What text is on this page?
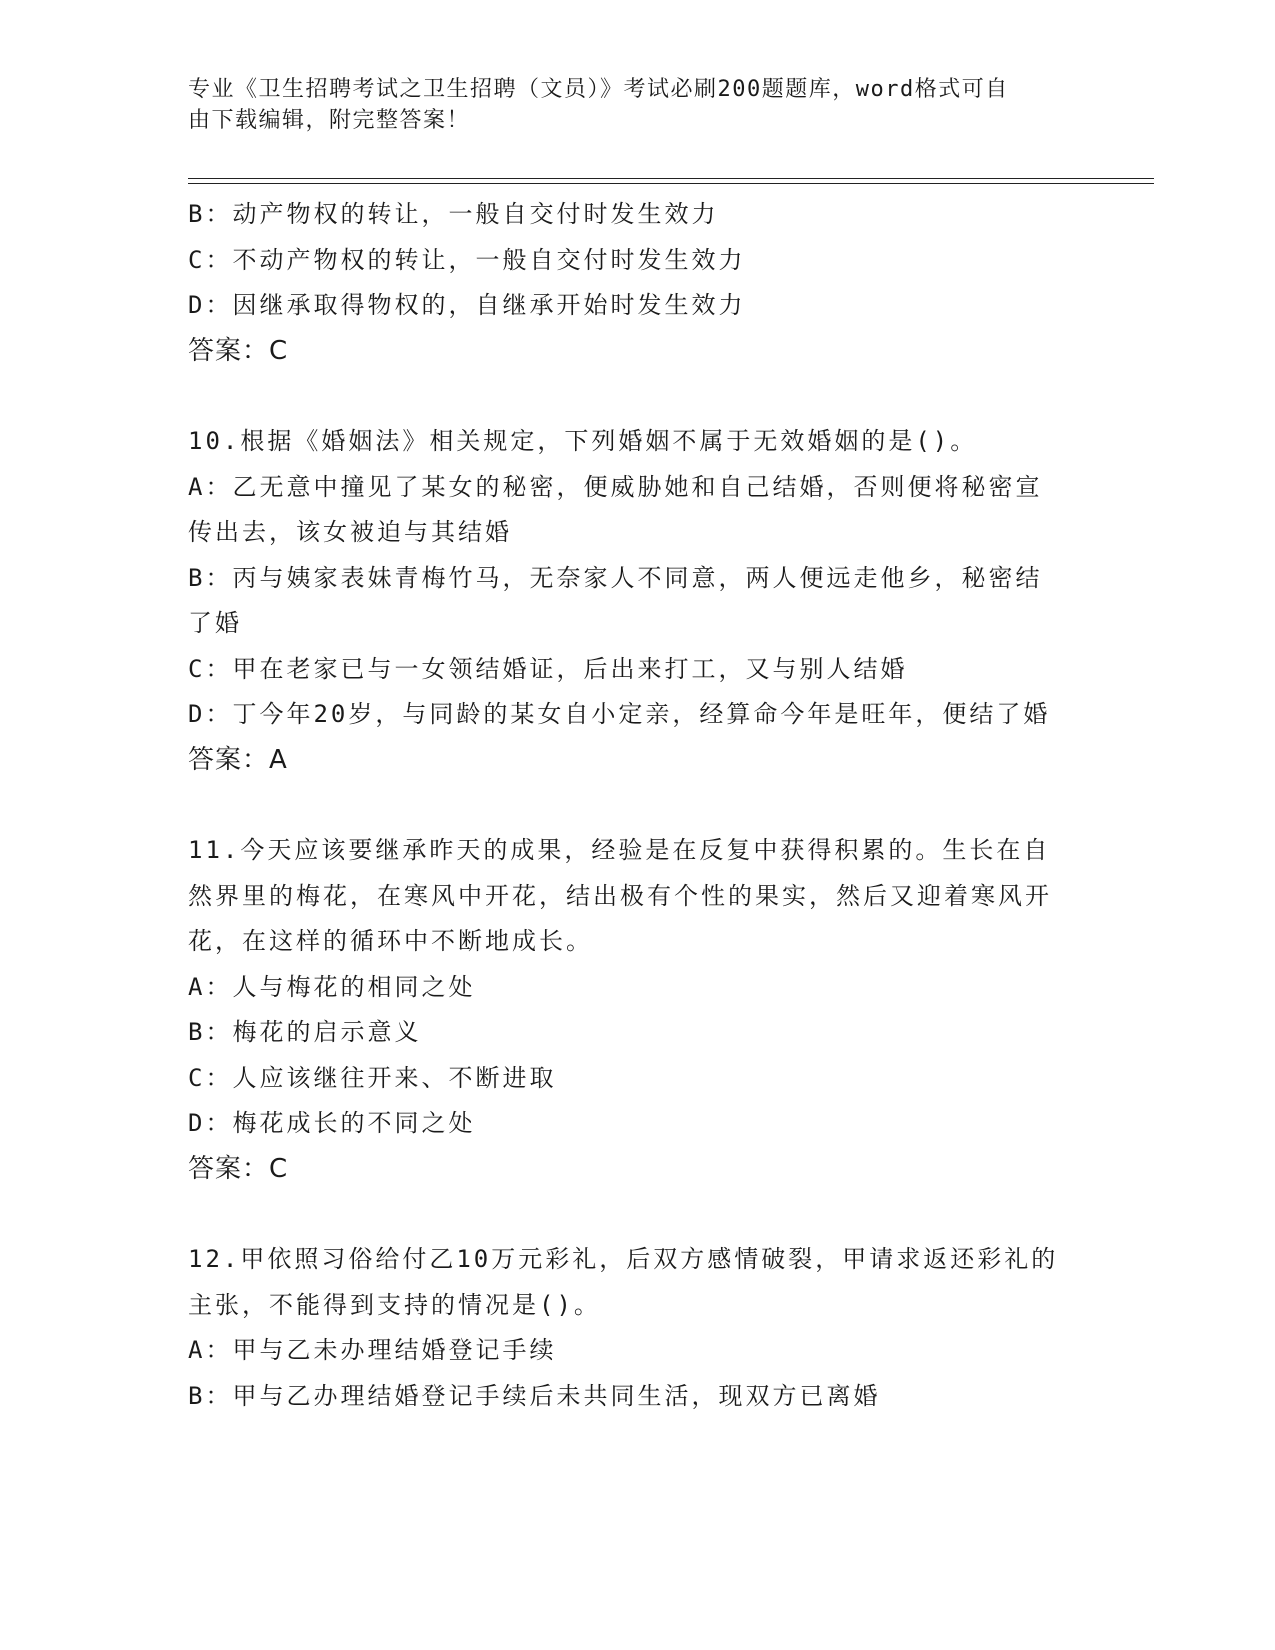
专业《卫生招聘考试之卫生招聘（文员）》考试必刷200题题库，word格式可自
由下载编辑，附完整答案！
B：动产物权的转让，一般自交付时发生效力
C：不动产物权的转让，一般自交付时发生效力
D：因继承取得物权的，自继承开始时发生效力
答案：C
10.根据《婚姻法》相关规定，下列婚姻不属于无效婚姻的是()。
A：乙无意中撞见了某女的秘密，便威胁她和自己结婚，否则便将秘密宣传出去，该女被迫与其结婚
B：丙与姨家表妹青梅竹马，无奈家人不同意，两人便远走他乡，秘密结了婚
C：甲在老家已与一女领结婚证，后出来打工，又与别人结婚
D：丁今年20岁，与同龄的某女自小定亲，经算命今年是旺年，便结了婚
答案：A
11.今天应该要继承昨天的成果，经验是在反复中获得积累的。生长在自然界里的梅花，在寒风中开花，结出极有个性的果实，然后又迎着寒风开花，在这样的循环中不断地成长。
A：人与梅花的相同之处
B：梅花的启示意义
C：人应该继往开来、不断进取
D：梅花成长的不同之处
答案：C
12.甲依照习俗给付乙10万元彩礼，后双方感情破裂，甲请求返还彩礼的主张，不能得到支持的情况是()。
A：甲与乙未办理结婚登记手续
B：甲与乙办理结婚登记手续后未共同生活，现双方已离婚
